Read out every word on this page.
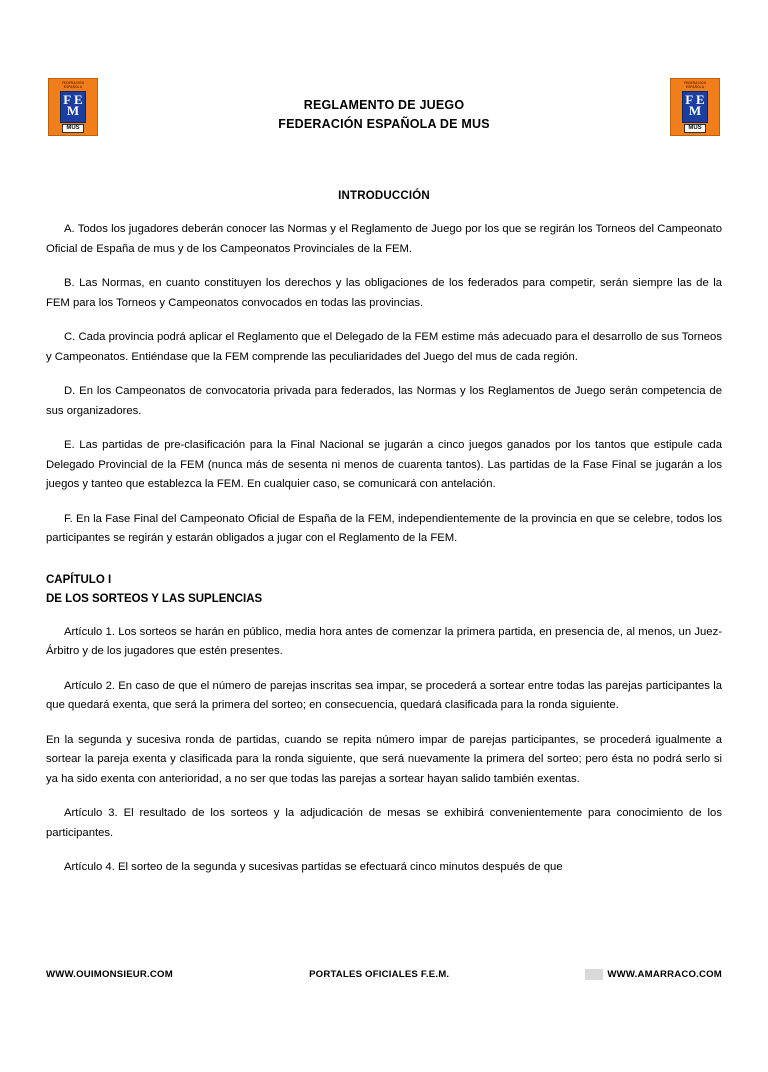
FEDERACIÓN
ESPAÑOLA
F E M
MUS
FEDERACIÓN
ESPAÑOLA
F E M
MUS
REGLAMENTO DE JUEGO
FEDERACIÓN ESPAÑOLA DE MUS
INTRODUCCIÓN

A. Todos los jugadores deberán conocer las Normas y el Reglamento de Juego por los que se regirán los Torneos del Campeonato Oficial de España de mus y de los Campeonatos Provinciales de la FEM.

B. Las Normas, en cuanto constituyen los derechos y las obligaciones de los federados para competir, serán siempre las de la FEM para los Torneos y Campeonatos convocados en todas las provincias.

C. Cada provincia podrá aplicar el Reglamento que el Delegado de la FEM estime más adecuado para el desarrollo de sus Torneos y Campeonatos. Entiéndase que la FEM comprende las peculiaridades del Juego del mus de cada región.

D. En los Campeonatos de convocatoria privada para federados, las Normas y los Reglamentos de Juego serán competencia de sus organizadores.

E. Las partidas de pre-clasificación para la Final Nacional se jugarán a cinco juegos ganados por los tantos que estipule cada Delegado Provincial de la FEM (nunca más de sesenta ni menos de cuarenta tantos). Las partidas de la Fase Final se jugarán a los juegos y tanteo que establezca la FEM. En cualquier caso, se comunicará con antelación.

F. En la Fase Final del Campeonato Oficial de España de la FEM, independientemente de la provincia en que se celebre, todos los participantes se regirán y estarán obligados a jugar con el Reglamento de la FEM.

CAPÍTULO I
DE LOS SORTEOS Y LAS SUPLENCIAS

Artículo 1. Los sorteos se harán en público, media hora antes de comenzar la primera partida, en presencia de, al menos, un Juez-Árbitro y de los jugadores que estén presentes.

Artículo 2. En caso de que el número de parejas inscritas sea impar, se procederá a sortear entre todas las parejas participantes la que quedará exenta, que será la primera del sorteo; en consecuencia, quedará clasificada para la ronda siguiente.

En la segunda y sucesiva ronda de partidas, cuando se repita número impar de parejas participantes, se procederá igualmente a sortear la pareja exenta y clasificada para la ronda siguiente, que será nuevamente la primera del sorteo; pero ésta no podrá serlo si ya ha sido exenta con anterioridad, a no ser que todas las parejas a sortear hayan salido también exentas.

Artículo 3. El resultado de los sorteos y la adjudicación de mesas se exhibirá convenientemente para conocimiento de los participantes.

Artículo 4. El sorteo de la segunda y sucesivas partidas se efectuará cinco minutos después de que

WWW.OUIMONSIEUR.COM	PORTALES OFICIALES F.E.M.	WWW.AMARRACO.COM
